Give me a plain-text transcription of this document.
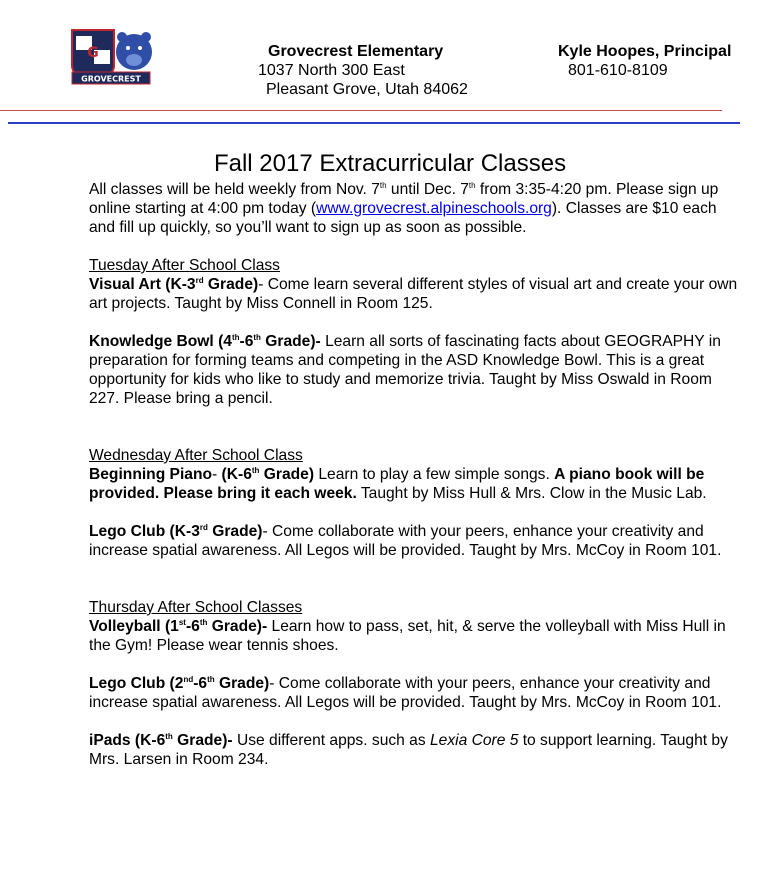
G
GROVECREST
Grovecrest Elementary
1037 North 300 East
Pleasant Grove, Utah 84062
Kyle Hoopes, Principal
801-610-8109
Fall 2017 Extracurricular Classes

All classes will be held weekly from Nov. 7th until Dec. 7th from 3:35-4:20 pm. Please sign up online starting at 4:00 pm today (www.grovecrest.alpineschools.org). Classes are $10 each and fill up quickly, so you’ll want to sign up as soon as possible.

Tuesday After School Class

Visual Art (K-3rd Grade)- Come learn several different styles of visual art and create your own art projects. Taught by Miss Connell in Room 125.

Knowledge Bowl (4th-6th Grade)- Learn all sorts of fascinating facts about GEOGRAPHY in preparation for forming teams and competing in the ASD Knowledge Bowl. This is a great opportunity for kids who like to study and memorize trivia. Taught by Miss Oswald in Room 227. Please bring a pencil.

Wednesday After School Class

Beginning Piano- (K-6th Grade) Learn to play a few simple songs. A piano book will be provided. Please bring it each week. Taught by Miss Hull & Mrs. Clow in the Music Lab.

Lego Club (K-3rd Grade)- Come collaborate with your peers, enhance your creativity and increase spatial awareness. All Legos will be provided. Taught by Mrs. McCoy in Room 101.

Thursday After School Classes

Volleyball (1st-6th Grade)- Learn how to pass, set, hit, & serve the volleyball with Miss Hull in the Gym! Please wear tennis shoes.

Lego Club (2nd-6th Grade)- Come collaborate with your peers, enhance your creativity and increase spatial awareness. All Legos will be provided. Taught by Mrs. McCoy in Room 101.

iPads (K-6th Grade)- Use different apps. such as Lexia Core 5 to support learning. Taught by Mrs. Larsen in Room 234.
